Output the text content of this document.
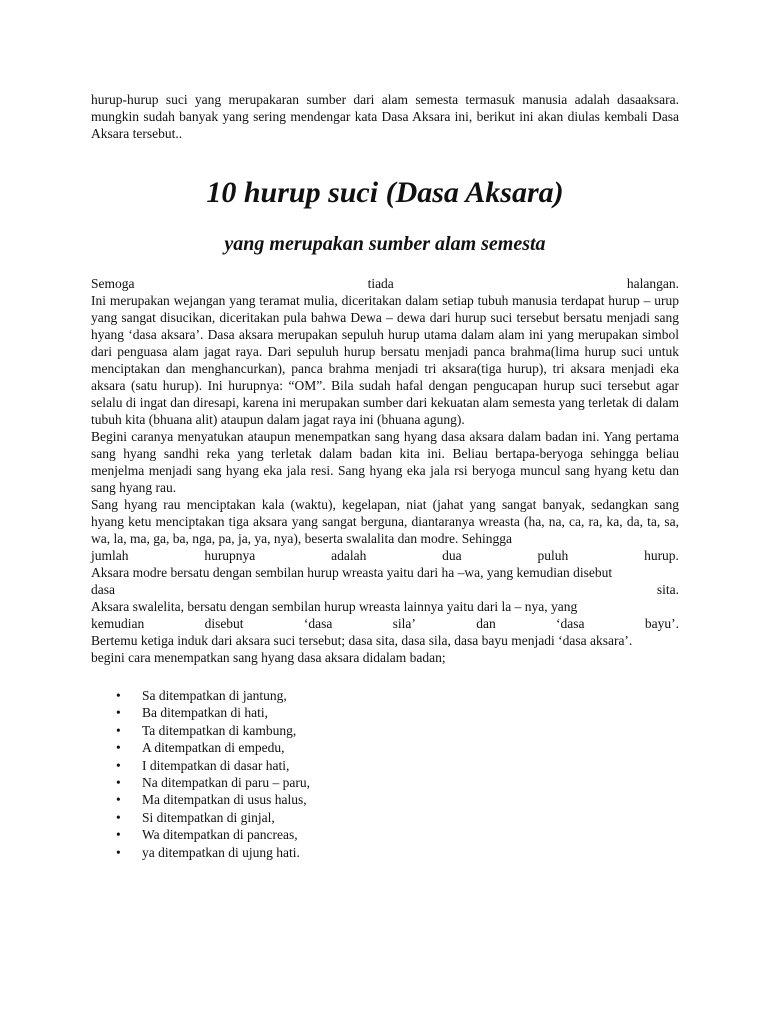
hurup-hurup suci yang merupakaran sumber dari alam semesta termasuk manusia adalah dasaaksara. mungkin sudah banyak yang sering mendengar kata Dasa Aksara ini, berikut ini akan diulas kembali Dasa Aksara tersebut..

10 hurup suci (Dasa Aksara)
yang merupakan sumber alam semesta
Semoga	tiada	halangan.

Ini merupakan wejangan yang teramat mulia, diceritakan dalam setiap tubuh manusia terdapat hurup – urup yang sangat disucikan, diceritakan pula bahwa Dewa – dewa dari hurup suci tersebut bersatu menjadi sang hyang ‘dasa aksara’. Dasa aksara merupakan sepuluh hurup utama dalam alam ini yang merupakan simbol dari penguasa alam jagat raya. Dari sepuluh hurup bersatu menjadi panca brahma(lima hurup suci untuk menciptakan dan menghancurkan), panca brahma menjadi tri aksara(tiga hurup), tri aksara menjadi eka aksara (satu hurup). Ini hurupnya: “OM”. Bila sudah hafal dengan pengucapan hurup suci tersebut agar selalu di ingat dan diresapi, karena ini merupakan sumber dari kekuatan alam semesta yang terletak di dalam tubuh kita (bhuana alit) ataupun dalam jagat raya ini (bhuana agung).

Begini caranya menyatukan ataupun menempatkan sang hyang dasa aksara dalam badan ini. Yang pertama sang hyang sandhi reka yang terletak dalam badan kita ini. Beliau bertapa-beryoga sehingga beliau menjelma menjadi sang hyang eka jala resi. Sang hyang eka jala rsi beryoga muncul sang hyang ketu dan sang hyang rau.

Sang hyang rau menciptakan kala (waktu), kegelapan, niat (jahat yang sangat banyak, sedangkan sang hyang ketu menciptakan tiga aksara yang sangat berguna, diantaranya wreasta (ha, na, ca, ra, ka, da, ta, sa, wa, la, ma, ga, ba, nga, pa, ja, ya, nya), beserta swalalita dan modre. Sehingga

jumlah	hurupnya	adalah	dua	puluh	hurup.

Aksara modre bersatu dengan sembilan hurup wreasta yaitu dari ha –wa, yang kemudian disebut

dasa	sita.

Aksara swalelita, bersatu dengan sembilan hurup wreasta lainnya yaitu dari la – nya, yang

kemudian	disebut	‘dasa	sila’	dan	‘dasa	bayu’.

Bertemu ketiga induk dari aksara suci tersebut; dasa sita, dasa sila, dasa bayu menjadi ‘dasa aksara’.

begini cara menempatkan sang hyang dasa aksara didalam badan;

•	Sa ditempatkan di jantung,
•	Ba ditempatkan di hati,
•	Ta ditempatkan di kambung,
•	A ditempatkan di empedu,
•	I ditempatkan di dasar hati,
•	Na ditempatkan di paru – paru,
•	Ma ditempatkan di usus halus,
•	Si ditempatkan di ginjal,
•	Wa ditempatkan di pancreas,
•	ya ditempatkan di ujung hati.
